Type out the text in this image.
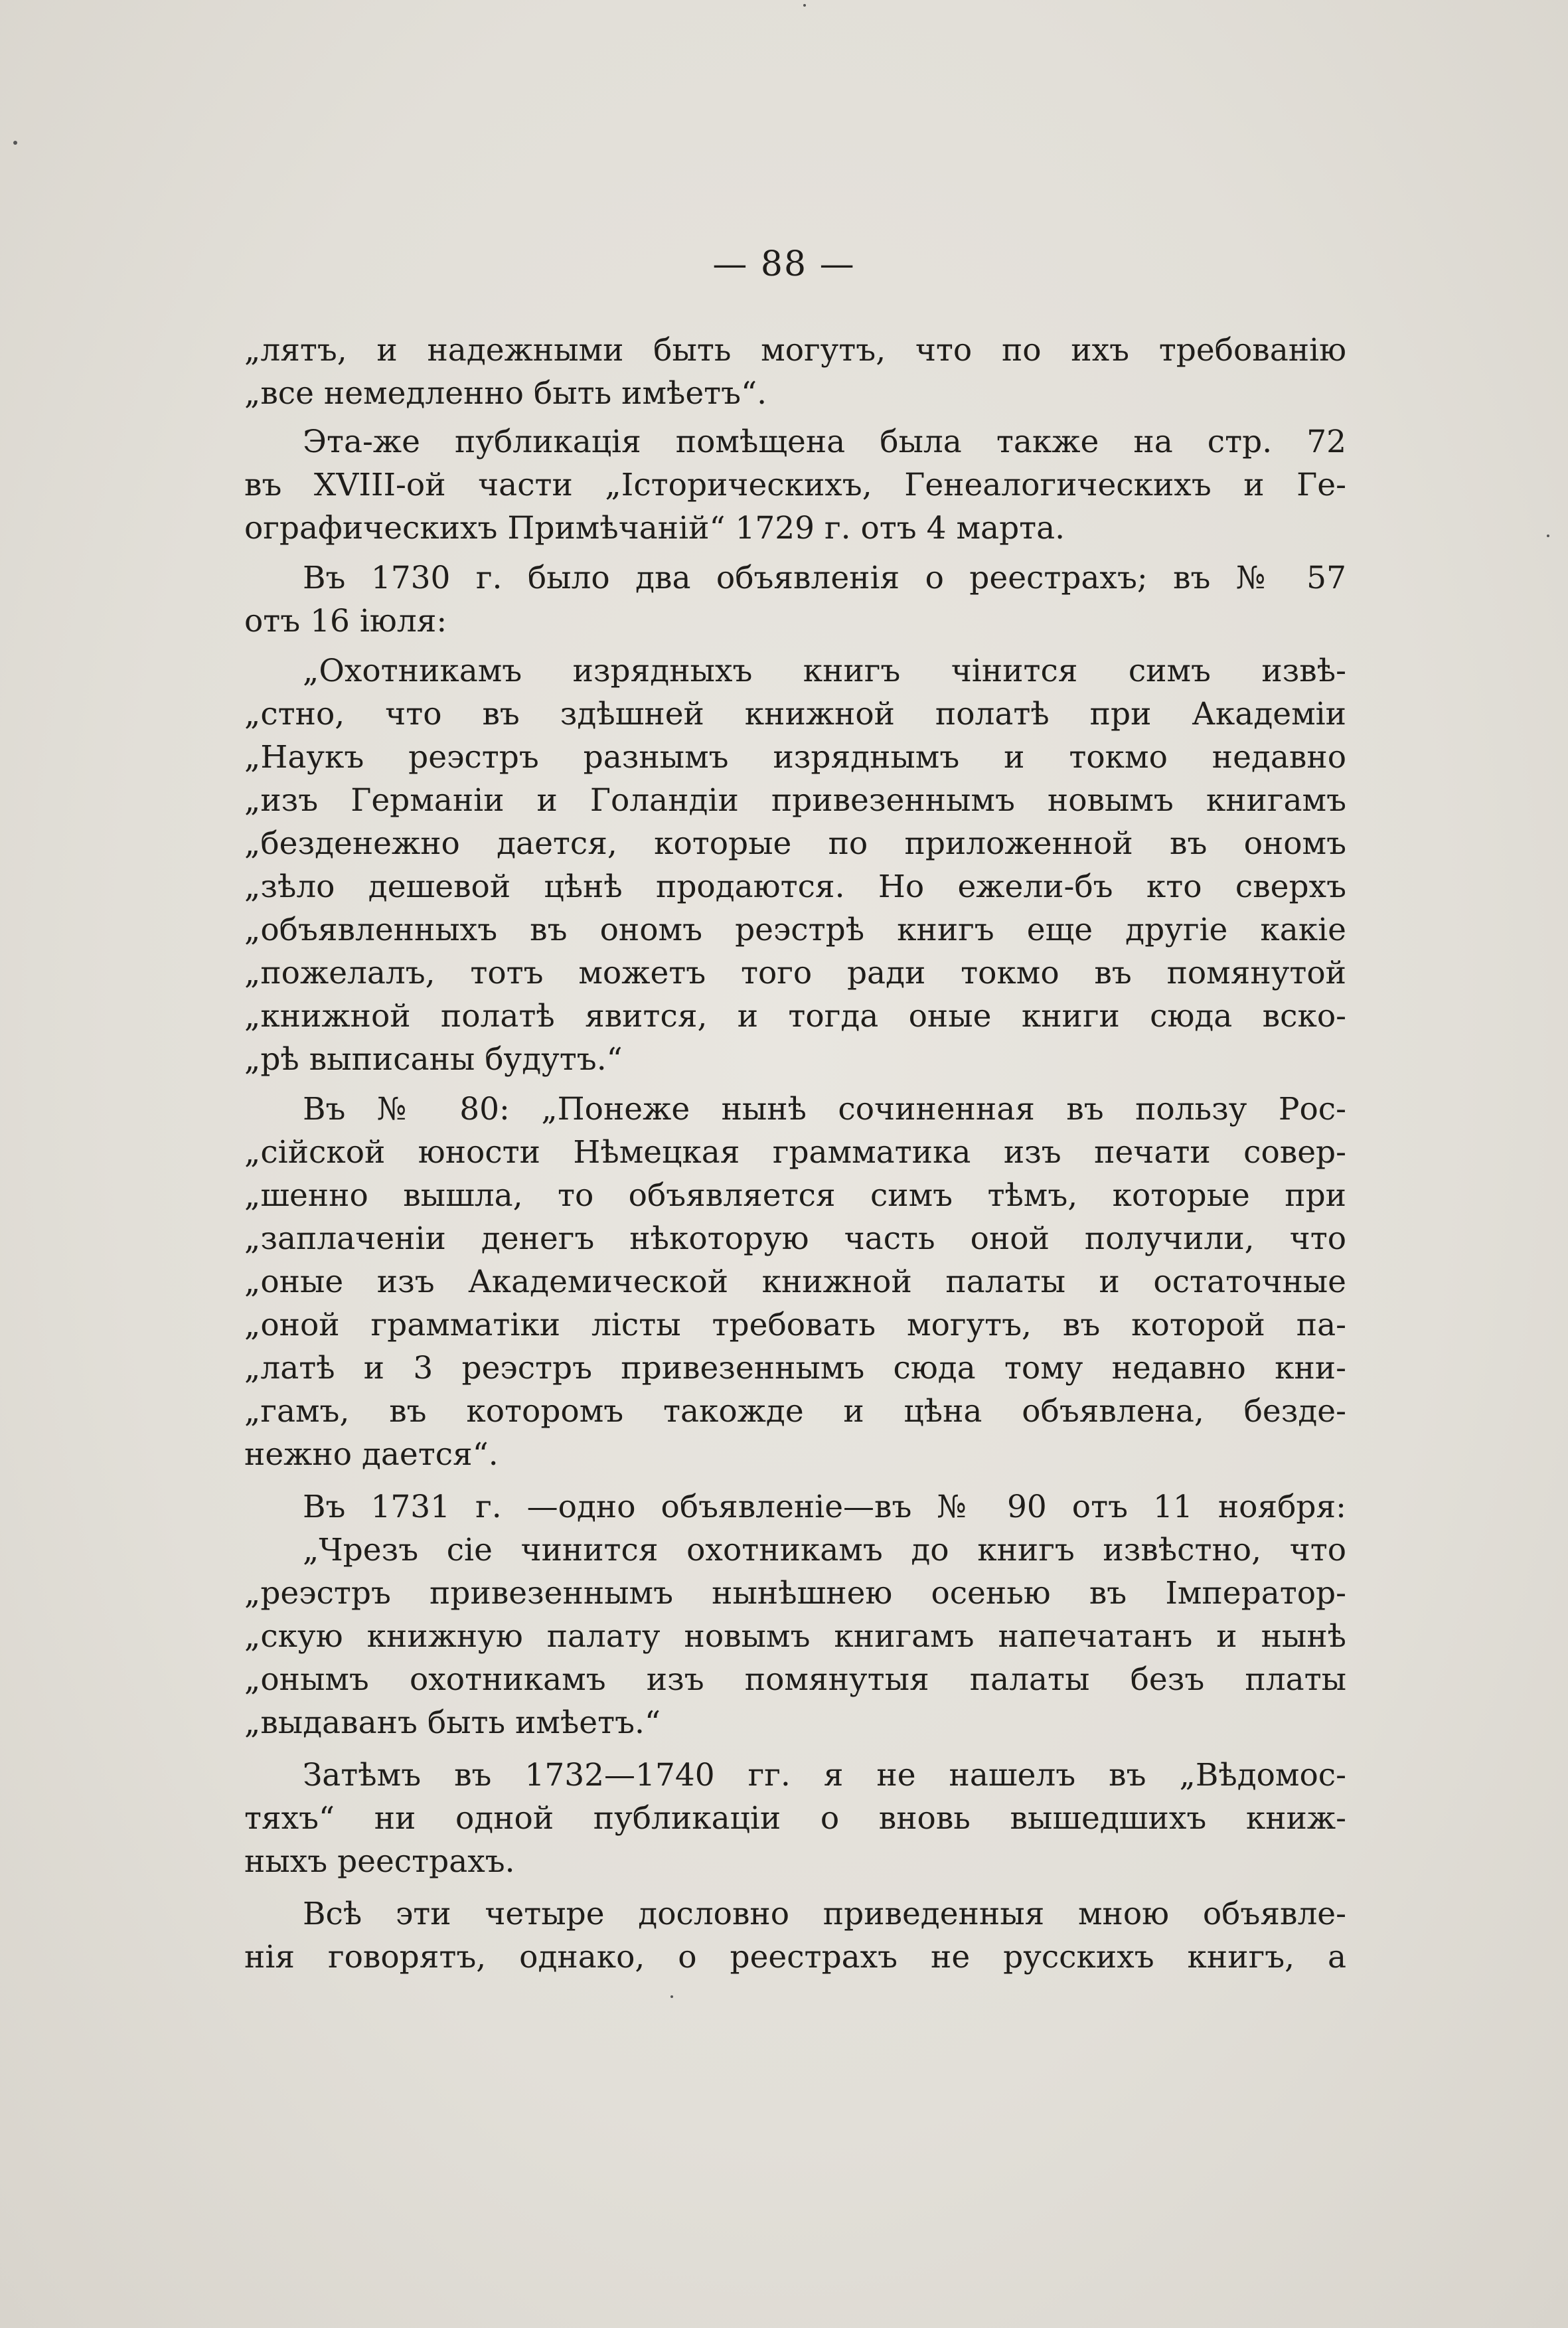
— 88 —
„лятъ, и надежными быть могутъ, что по ихъ требованію
„все немедленно быть имѣетъ“.
Эта-же публикація помѣщена была также на стр. 72
въ XVIII-ой части „Історическихъ, Генеалогическихъ и Ге-
ографическихъ Примѣчаній“ 1729 г. отъ 4 марта.
Въ 1730 г. было два объявленія о реестрахъ; въ № 57
отъ 16 іюля:
„Охотникамъ изрядныхъ книгъ чінится симъ извѣ-
„стно, что въ здѣшней книжной полатѣ при Академіи
„Наукъ реэстръ разнымъ изряднымъ и токмо недавно
„изъ Германіи и Голандіи привезеннымъ новымъ книгамъ
„безденежно дается, которые по приложенной въ ономъ
„зѣло дешевой цѣнѣ продаются. Но ежели-бъ кто сверхъ
„объявленныхъ въ ономъ реэстрѣ книгъ еще другіе какіе
„пожелалъ, тотъ можетъ того ради токмо въ помянутой
„книжной полатѣ явится, и тогда оные книги сюда вско-
„рѣ выписаны будутъ.“
Въ № 80: „Понеже нынѣ сочиненная въ пользу Рос-
„сійской юности Нѣмецкая грамматика изъ печати совер-
„шенно вышла, то объявляется симъ тѣмъ, которые при
„заплаченіи денегъ нѣкоторую часть оной получили, что
„оные изъ Академической книжной палаты и остаточные
„оной грамматіки лісты требовать могутъ, въ которой па-
„латѣ и 3 реэстръ привезеннымъ сюда тому недавно кни-
„гамъ, въ которомъ такожде и цѣна объявлена, безде-
нежно дается“.
Въ 1731 г. —одно объявленіе—въ № 90 отъ 11 ноября:
„Чрезъ сіе чинится охотникамъ до книгъ извѣстно, что
„реэстръ привезеннымъ нынѣшнею осенью въ Імператор-
„скую книжную палату новымъ книгамъ напечатанъ и нынѣ
„онымъ охотникамъ изъ помянутыя палаты безъ платы
„выдаванъ быть имѣетъ.“
Затѣмъ въ 1732—1740 гг. я не нашелъ въ „Вѣдомос-
тяхъ“ ни одной публикаціи о вновь вышедшихъ книж-
ныхъ реестрахъ.
Всѣ эти четыре дословно приведенныя мною объявле-
нія говорятъ, однако, о реестрахъ не русскихъ книгъ, а
